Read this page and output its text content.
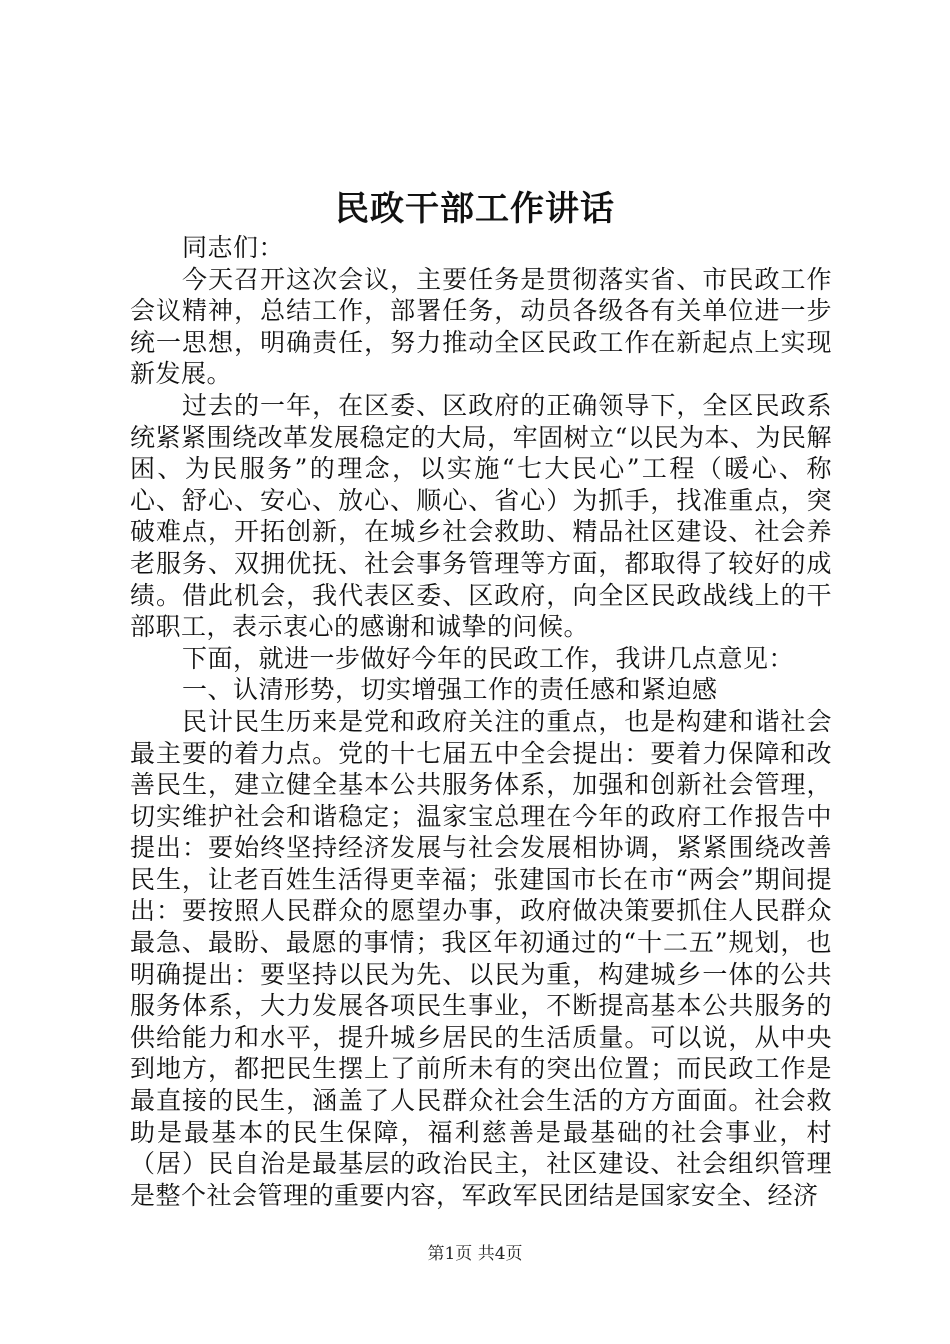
民政干部工作讲话

同志们：

今天召开这次会议，主要任务是贯彻落实省、市民政工作会议精神，总结工作，部署任务，动员各级各有关单位进一步统一思想，明确责任，努力推动全区民政工作在新起点上实现新发展。

过去的一年，在区委、区政府的正确领导下，全区民政系统紧紧围绕改革发展稳定的大局，牢固树立“以民为本、为民解困、为民服务”的理念，以实施“七大民心”工程（暖心、称心、舒心、安心、放心、顺心、省心）为抓手，找准重点，突破难点，开拓创新，在城乡社会救助、精品社区建设、社会养老服务、双拥优抚、社会事务管理等方面，都取得了较好的成绩。借此机会，我代表区委、区政府，向全区民政战线上的干部职工，表示衷心的感谢和诚挚的问候。

下面，就进一步做好今年的民政工作，我讲几点意见：

一、认清形势，切实增强工作的责任感和紧迫感

民计民生历来是党和政府关注的重点，也是构建和谐社会最主要的着力点。党的十七届五中全会提出：要着力保障和改善民生，建立健全基本公共服务体系，加强和创新社会管理，切实维护社会和谐稳定；温家宝总理在今年的政府工作报告中提出：要始终坚持经济发展与社会发展相协调，紧紧围绕改善民生，让老百姓生活得更幸福；张建国市长在市“两会”期间提出：要按照人民群众的愿望办事，政府做决策要抓住人民群众最急、最盼、最愿的事情；我区年初通过的“十二五”规划，也明确提出：要坚持以民为先、以民为重，构建城乡一体的公共服务体系，大力发展各项民生事业，不断提高基本公共服务的供给能力和水平，提升城乡居民的生活质量。可以说，从中央到地方，都把民生摆上了前所未有的突出位置；而民政工作是最直接的民生，涵盖了人民群众社会生活的方方面面。社会救助是最基本的民生保障，福利慈善是最基础的社会事业，村（居）民自治是最基层的政治民主，社区建设、社会组织管理是整个社会管理的重要内容，军政军民团结是国家安全、经济

第1页 共4页
